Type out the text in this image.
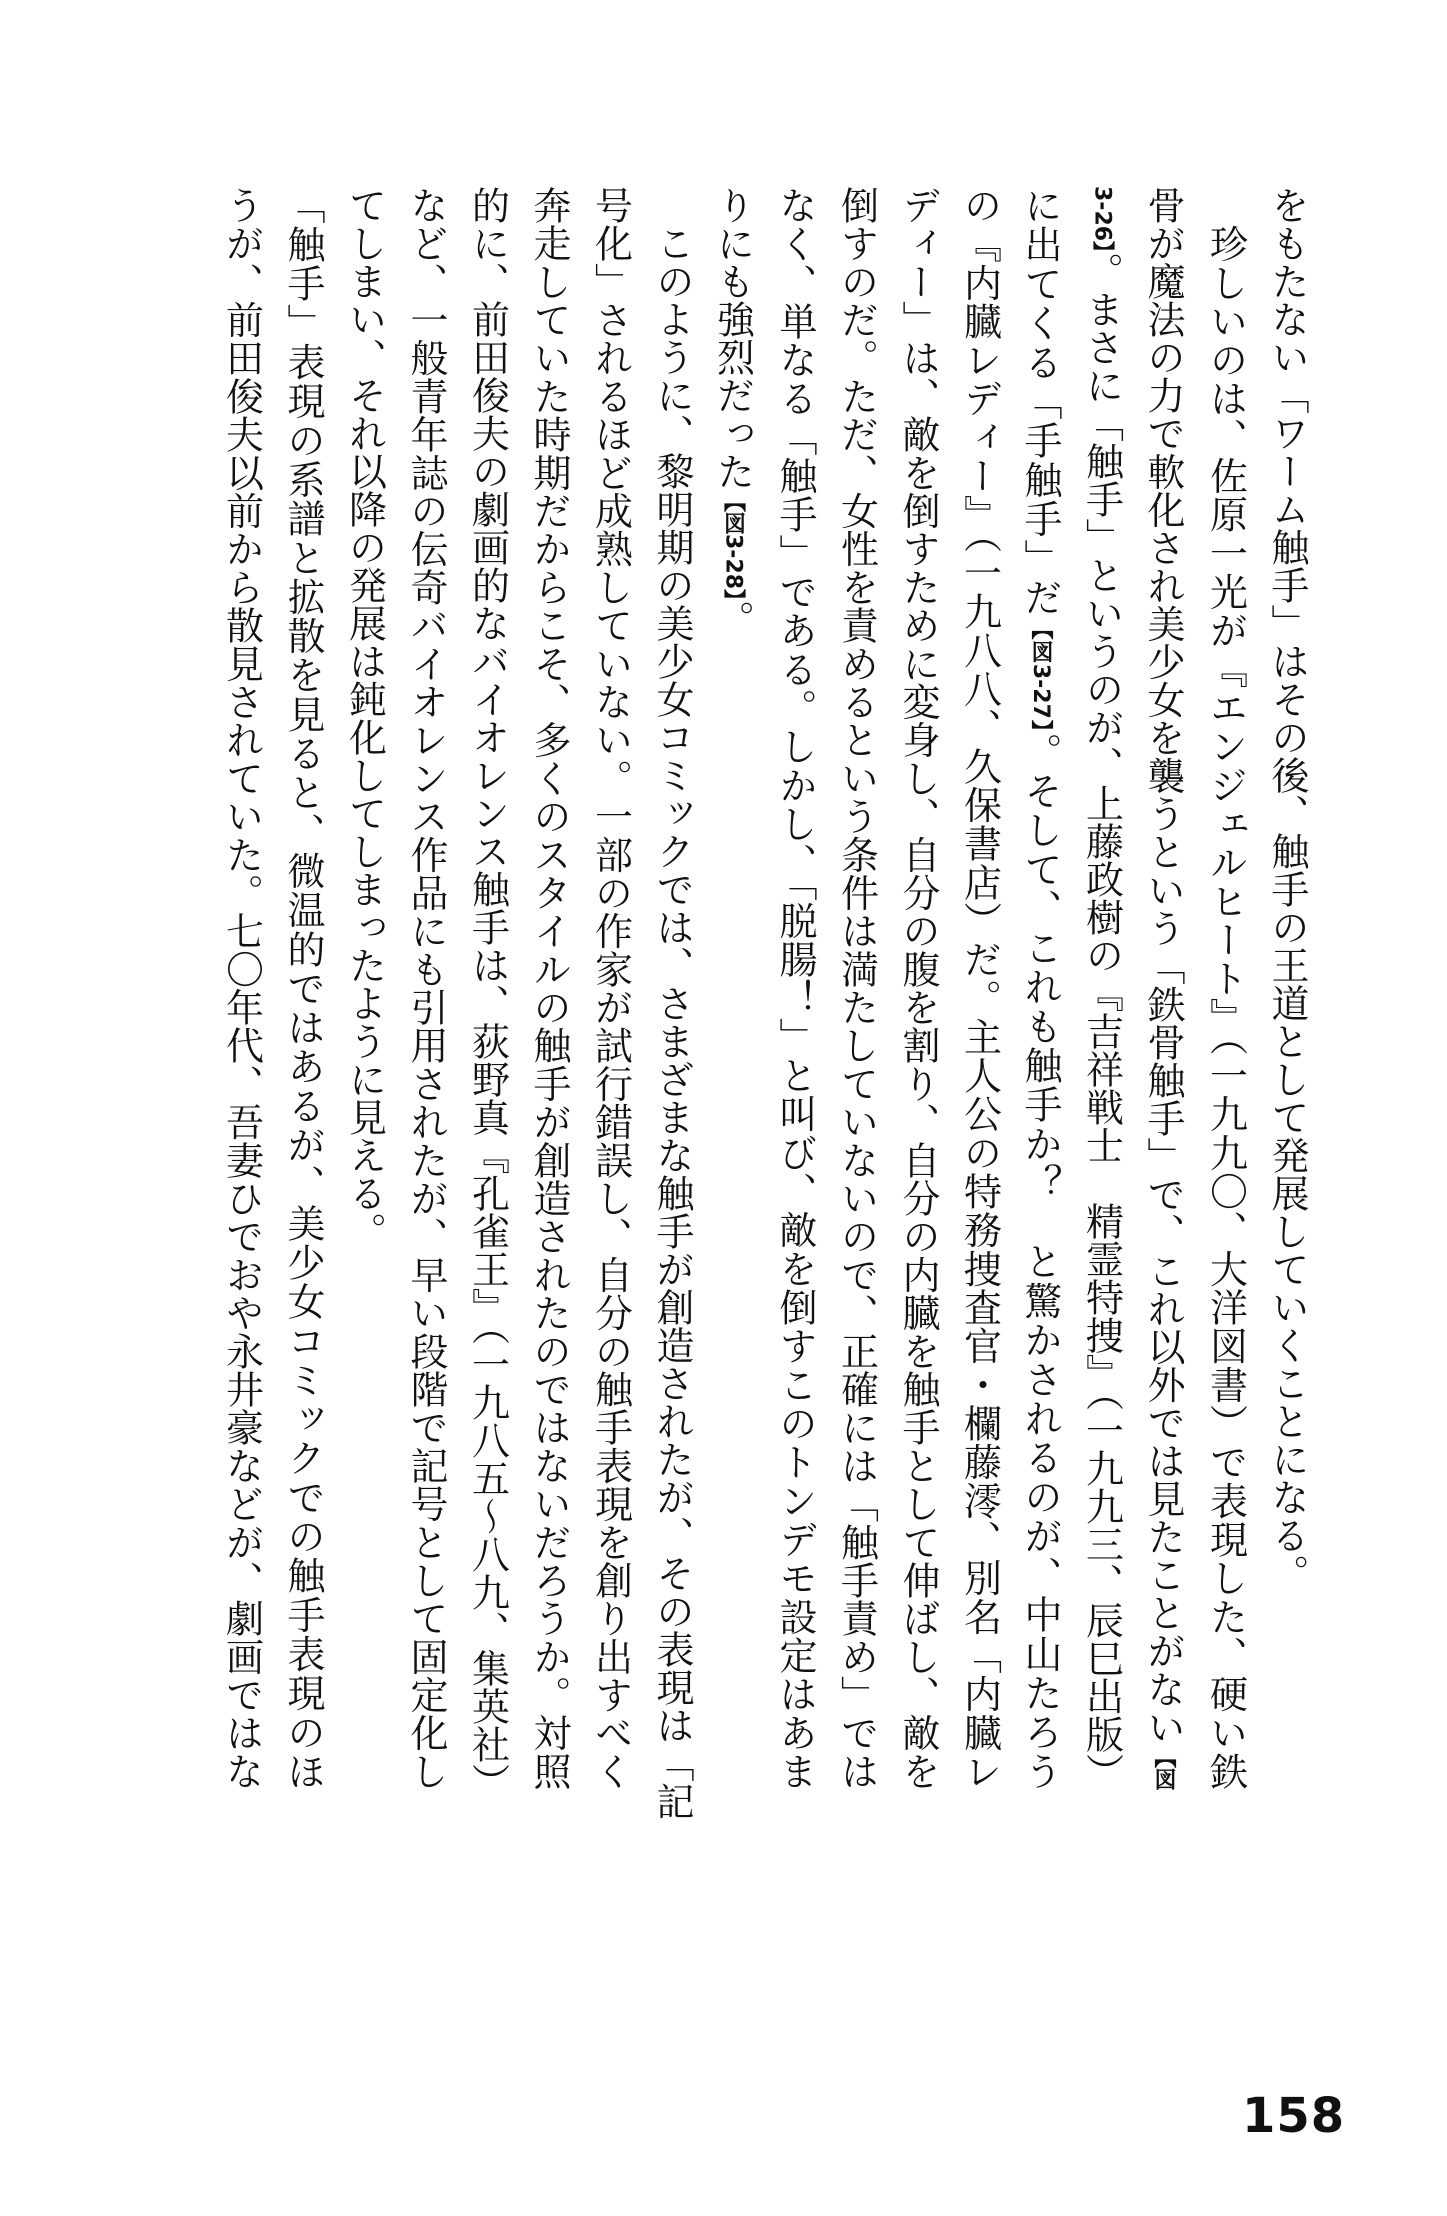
をもたない「ワーム触手」はその後、触手の王道として発展していくことになる。
　珍しいのは、佐原一光が『エンジェルヒート』（一九九〇、大洋図書）で表現した、硬い鉄
骨が魔法の力で軟化され美少女を襲うという「鉄骨触手」で、これ以外では見たことがない【図
3-26】。まさに「触手」というのが、上藤政樹の『吉祥戦士　精霊特捜』（一九九三、辰巳出版）
に出てくる「手触手」だ【図3-27】。そして、これも触手か？　と驚かされるのが、中山たろう
の『内臓レディー』（一九八八、久保書店）だ。主人公の特務捜査官・欄藤澪、別名「内臓レ
ディー」は、敵を倒すために変身し、自分の腹を割り、自分の内臓を触手として伸ばし、敵を
倒すのだ。ただ、女性を責めるという条件は満たしていないので、正確には「触手責め」では
なく、単なる「触手」である。しかし、「脱腸！」と叫び、敵を倒すこのトンデモ設定はあま
りにも強烈だった【図3-28】。
　このように、黎明期の美少女コミックでは、さまざまな触手が創造されたが、その表現は「記
号化」されるほど成熟していない。一部の作家が試行錯誤し、自分の触手表現を創り出すべく
奔走していた時期だからこそ、多くのスタイルの触手が創造されたのではないだろうか。対照
的に、前田俊夫の劇画的なバイオレンス触手は、荻野真『孔雀王』（一九八五～八九、集英社）
など、一般青年誌の伝奇バイオレンス作品にも引用されたが、早い段階で記号として固定化し
てしまい、それ以降の発展は鈍化してしまったように見える。
「触手」表現の系譜と拡散を見ると、微温的ではあるが、美少女コミックでの触手表現のほ
うが、前田俊夫以前から散見されていた。七〇年代、吾妻ひでおや永井豪などが、劇画ではな
158
